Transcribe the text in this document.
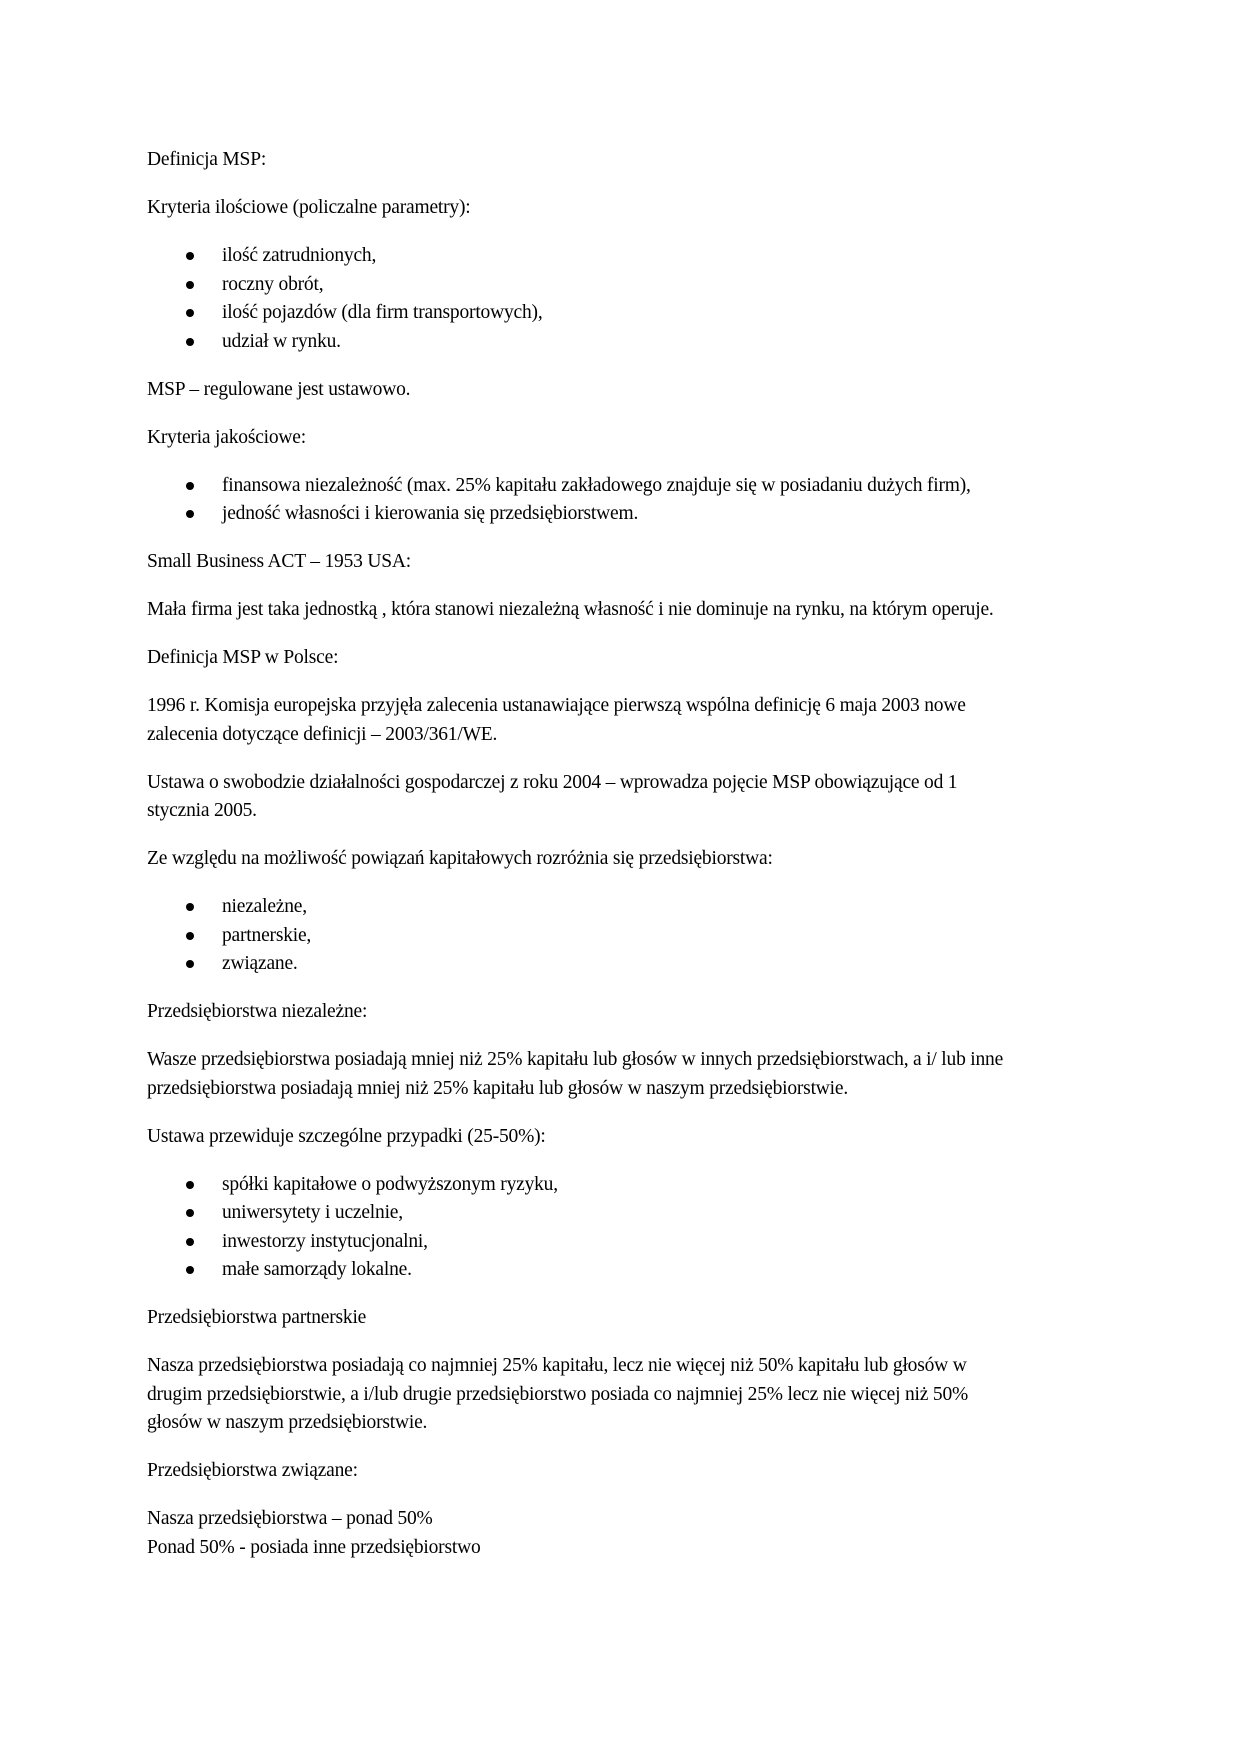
Definicja MSP:

Kryteria ilościowe (policzalne parametry):

ilość zatrudnionych,
roczny obrót,
ilość pojazdów (dla firm transportowych),
udział w rynku.

MSP – regulowane jest ustawowo.

Kryteria jakościowe:

finansowa niezależność (max. 25% kapitału zakładowego znajduje się w posiadaniu dużych firm),
jedność własności i kierowania się przedsiębiorstwem.

Small Business ACT – 1953 USA:

Mała firma jest taka jednostką , która stanowi niezależną własność i nie dominuje na rynku, na którym operuje.

Definicja MSP w Polsce:

1996 r. Komisja europejska przyjęła zalecenia ustanawiające pierwszą wspólna definicję 6 maja 2003 nowe
zalecenia dotyczące definicji – 2003/361/WE.

Ustawa o swobodzie działalności gospodarczej z roku 2004 – wprowadza pojęcie MSP obowiązujące od 1
stycznia 2005.

Ze względu na możliwość powiązań kapitałowych rozróżnia się przedsiębiorstwa:

niezależne,
partnerskie,
związane.

Przedsiębiorstwa niezależne:

Wasze przedsiębiorstwa posiadają mniej niż 25% kapitału lub głosów w innych przedsiębiorstwach, a i/ lub inne
przedsiębiorstwa posiadają mniej niż 25% kapitału lub głosów w naszym przedsiębiorstwie.

Ustawa przewiduje szczególne przypadki (25-50%):

spółki kapitałowe o podwyższonym ryzyku,
uniwersytety i uczelnie,
inwestorzy instytucjonalni,
małe samorządy lokalne.

Przedsiębiorstwa partnerskie

Nasza przedsiębiorstwa posiadają co najmniej 25% kapitału, lecz nie więcej niż 50% kapitału lub głosów w
drugim przedsiębiorstwie, a i/lub drugie przedsiębiorstwo posiada co najmniej 25% lecz nie więcej niż 50%
głosów w naszym przedsiębiorstwie.

Przedsiębiorstwa związane:

Nasza przedsiębiorstwa – ponad 50%
Ponad 50% - posiada inne przedsiębiorstwo
